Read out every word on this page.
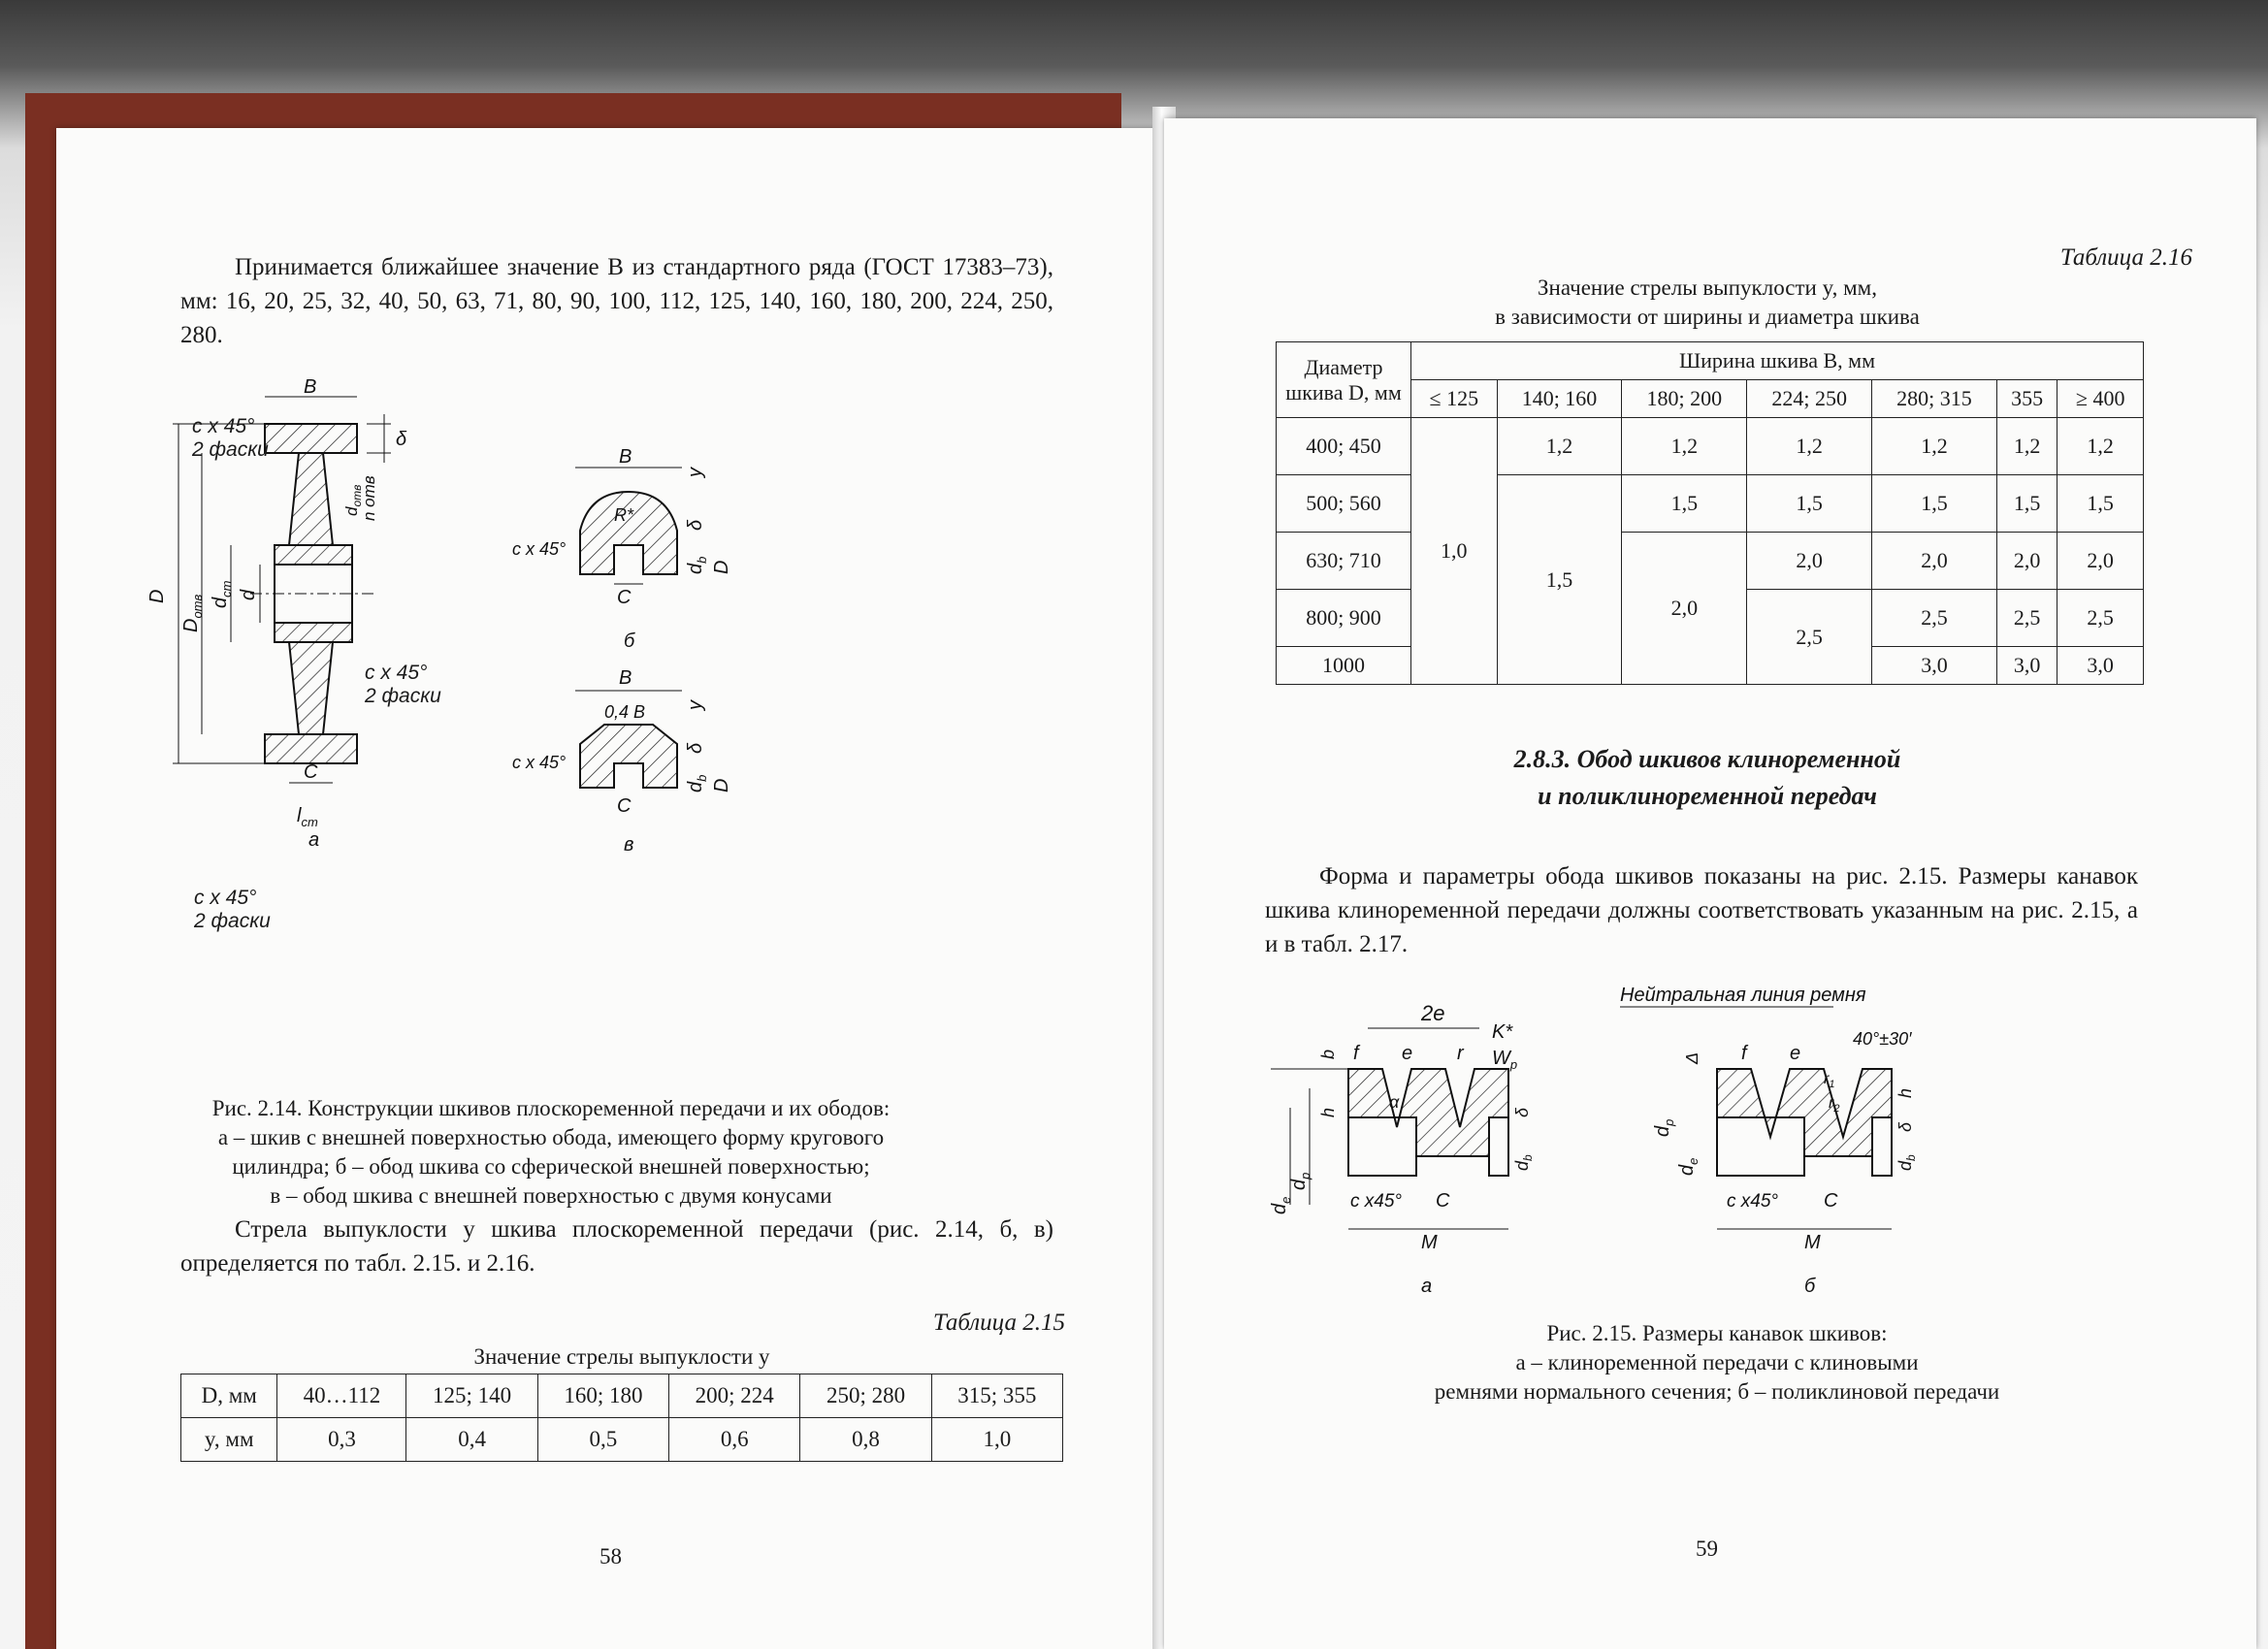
Принимается ближайшее значение B из стандартного ряда (ГОСТ 17383–73), мм: 16, 20, 25, 32, 40, 50, 63, 71, 80, 90, 100, 112, 125, 140, 160, 180, 200, 224, 250, 280.
B
δ
D
$D_{отв}$ $d_{ст}$ d
C
$l_{ст}$
а
$d_{отв}$
n отв
c x 45°
2 фаски
c x 45°
2 фаски
c x 45°
2 фаски
B
R*
C
y
δ
$d_b$
D
б
c x 45°
B
0,4 B
C
y
δ
$d_b$
D
в
c x 45°
Рис. 2.14. Конструкции шкивов плоскоременной передачи и их ободов:
а – шкив с внешней поверхностью обода, имеющего форму кругового
цилиндра; б – обод шкива со сферической внешней поверхностью;
в – обод шкива с внешней поверхностью с двумя конусами
Стрела выпуклости y шкива плоскоременной передачи (рис. 2.14, б, в) определяется по табл. 2.15. и 2.16.
Таблица 2.15
Значение стрелы выпуклости y
D, мм	40…112	125; 140	160; 180	200; 224	250; 280	315; 355
y, мм	0,3	0,4	0,5	0,6	0,8	1,0
58
Таблица 2.16
Значение стрелы выпуклости y, мм,
в зависимости от ширины и диаметра шкива
Диаметр шкива D, мм	Ширина шкива B, мм						
	≤ 125	140; 160	180; 200	224; 250	280; 315	355	≥ 400
400; 450	1,0	1,2	1,2	1,2	1,2	1,2	1,2
500; 560		1,5	1,5	1,5	1,5	1,5	1,5
630; 710			2,0	2,0	2,0	2,0	2,0
800; 900				2,5	2,5	2,5	2,5
1000					3,0	3,0	3,0
2.8.3. Обод шкивов клиноременной
и поликлиноременной передач
Форма и параметры обода шкивов показаны на рис. 2.15. Размеры канавок шкива клиноременной передачи должны соответствовать указанным на рис. 2.15, а и в табл. 2.17.
2e
K*
$W_p$
f e r
b
h
α
δ
$d_b$
$d_e$
$d_p$
c x45° C
M
а
Нейтральная линия ремня
f e
40°±30′
$r_1$
$r_2$
Δ
h
δ
$d_b$
$d_p$
$d_e$
c x45° C
M
б
Рис. 2.15. Размеры канавок шкивов:
а – клиноременной передачи с клиновыми
ремнями нормального сечения; б – поликлиновой передачи
59
